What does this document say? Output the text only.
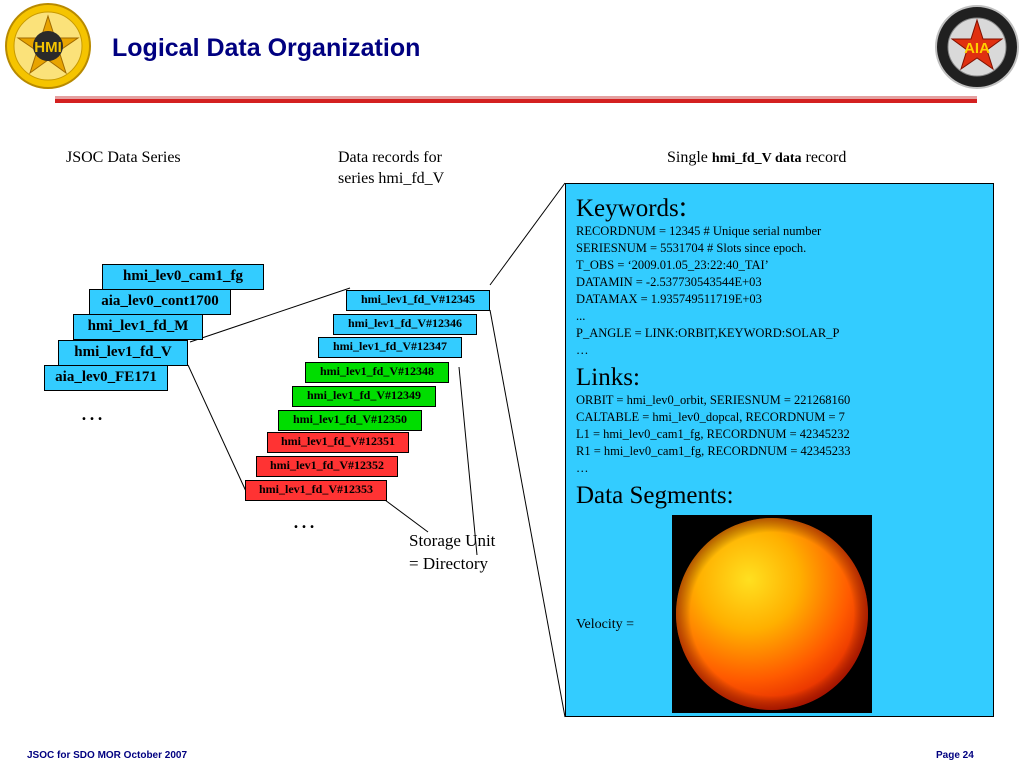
HMI	AIA
Logical Data Organization
JSOC Data Series	Data records for
series hmi_fd_V
Single hmi_fd_V data record
hmi_lev0_cam1_fg
aia_lev0_cont1700
hmi_lev1_fd_M
hmi_lev1_fd_V
aia_lev0_FE171
…
hmi_lev1_fd_V#12345
hmi_lev1_fd_V#12346
hmi_lev1_fd_V#12347
hmi_lev1_fd_V#12348
hmi_lev1_fd_V#12349
hmi_lev1_fd_V#12350
hmi_lev1_fd_V#12351
hmi_lev1_fd_V#12352
hmi_lev1_fd_V#12353
…
Storage Unit
= Directory
Keywords:
RECORDNUM = 12345 # Unique serial number
SERIESNUM = 5531704 # Slots since epoch.
T_OBS = ‘2009.01.05_23:22:40_TAI’
DATAMIN = -2.537730543544E+03
DATAMAX = 1.935749511719E+03
...
P_ANGLE = LINK:ORBIT,KEYWORD:SOLAR_P
…
Links:
ORBIT = hmi_lev0_orbit, SERIESNUM = 221268160
CALTABLE = hmi_lev0_dopcal, RECORDNUM = 7
L1 = hmi_lev0_cam1_fg, RECORDNUM = 42345232
R1 = hmi_lev0_cam1_fg, RECORDNUM = 42345233
…
Data Segments:
Velocity =
JSOC for SDO MOR October 2007	Page 24
